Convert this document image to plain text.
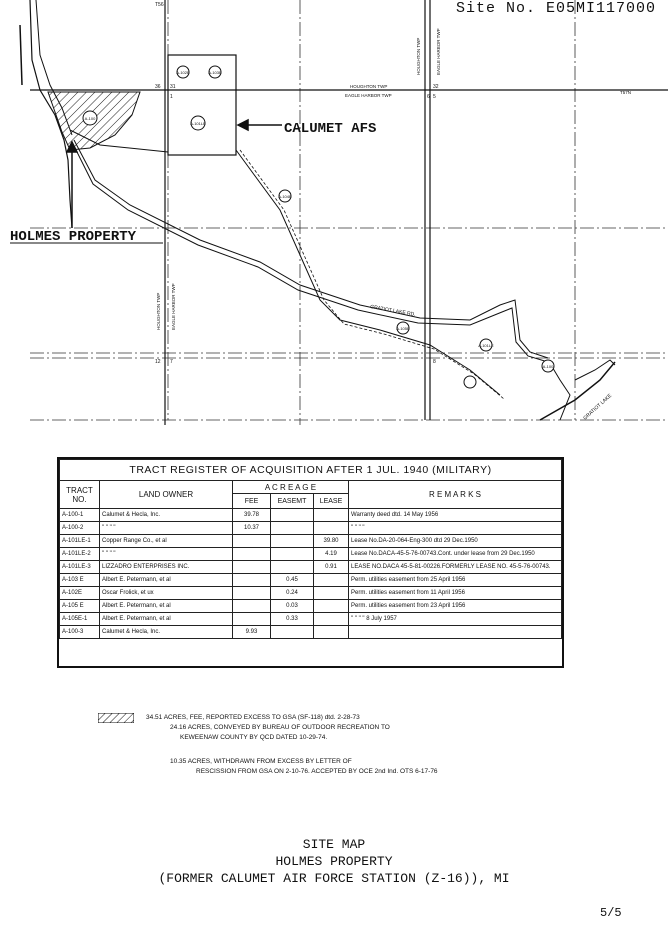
Site No. E05MI117000
A-100
A-102E	A-103E
A-101LE
A-104E
A-105E
A-101LE
A-100
CALUMET AFS
HOLMES PROPERTY
HOUGHTON TWP
EAGLE HARBOR TWP
HOUGHTON TWP	EAGLE HARBOR TWP
HOUGHTON TWP EAGLE HARBOR TWP	GRATIOT LAKE RD.
GRATIOT LAKE
T56
T57N
36 31
1	6
32
5
12 7	8
TRACT REGISTER OF ACQUISITION AFTER 1 JUL. 1940 (MILITARY)					
TRACT NO.	LAND OWNER	A C R E A G E			R E M A R K S
		FEE	EASEMT	LEASE	
A-100-1	Calumet & Hecla, Inc.	39.78			Warranty deed dtd. 14 May 1956
A-100-2	" " " "	10.37			" " " "
A-101LE-1	Copper Range Co., et al			39.80	Lease No.DA-20-064-Eng-300 dtd 29 Dec.1950
A-101LE-2	" " " "			4.19	Lease No.DACA-45-5-76-00743.Cont. under lease from 29 Dec.1950
A-101LE-3	LIZZADRO ENTERPRISES INC.			0.91	LEASE NO.DACA 45-5-81-00226.FORMERLY LEASE NO. 45-5-76-00743.
A-103 E	Albert E. Petermann, et al		0.45		Perm. utilities easement from 25 April 1956
A-102E	Oscar Frolick, et ux		0.24		Perm. utilities easement from 11 April 1956
A-105 E	Albert E. Petermann, et al		0.03		Perm. utilities easement from 23 April 1956
A-105E-1	Albert E. Petermann, et al		0.33		" " " " 8 July 1957
A-100-3	Calumet & Hecla, Inc.	9.93			
34.51 ACRES, FEE, REPORTED EXCESS TO GSA (SF-118) dtd. 2-28-73
24.16 ACRES, CONVEYED BY BUREAU OF OUTDOOR RECREATION TO
KEWEENAW COUNTY BY QCD DATED 10-29-74.
10.35 ACRES, WITHDRAWN FROM EXCESS BY LETTER OF
RESCISSION FROM GSA ON 2-10-76. ACCEPTED BY OCE 2nd Ind. OTS 6-17-76
SITE MAP
HOLMES PROPERTY
(FORMER CALUMET AIR FORCE STATION (Z-16)), MI
5/5
